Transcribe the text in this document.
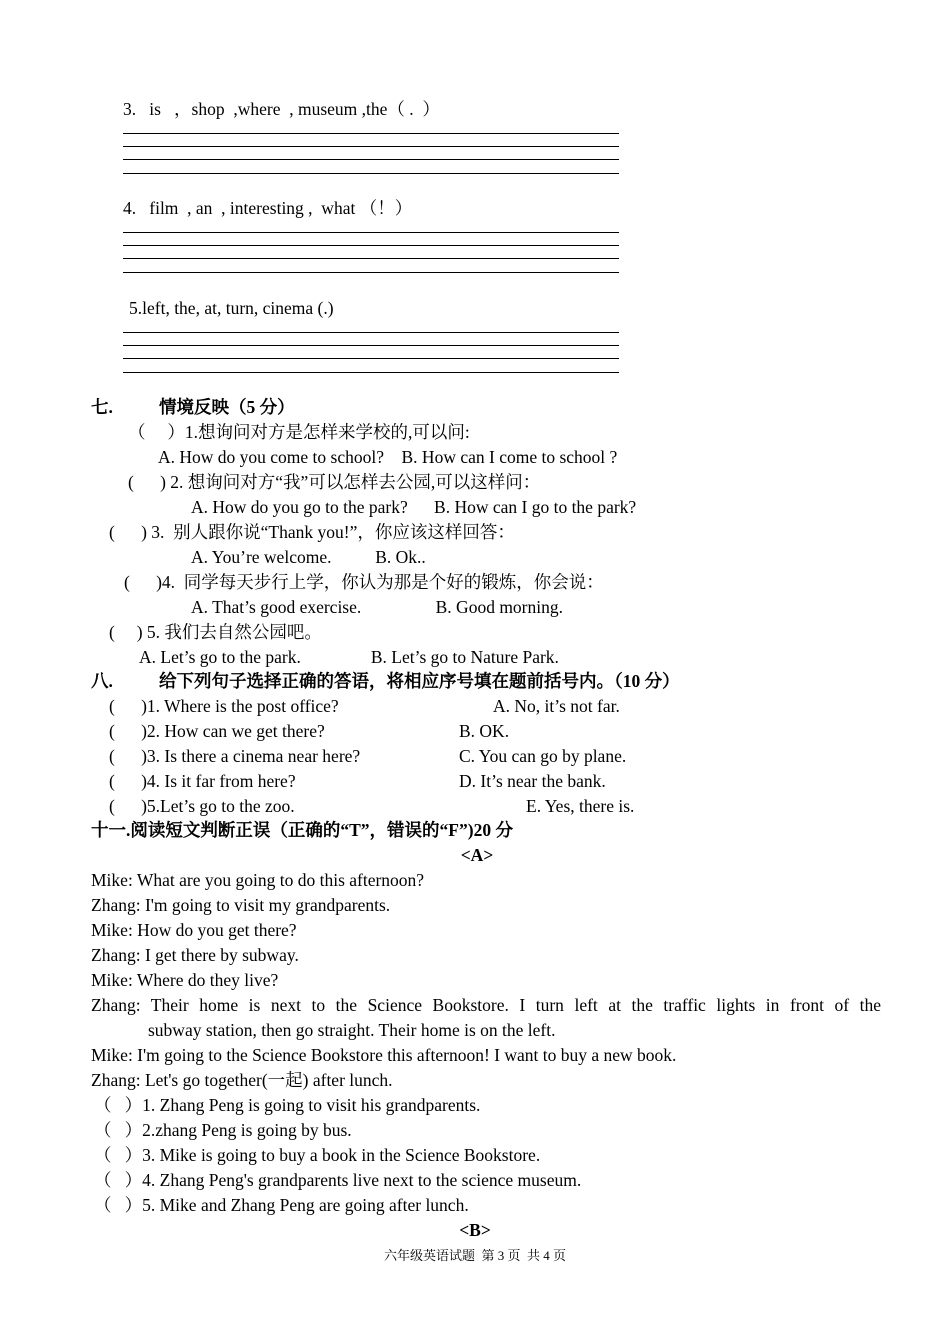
3.   is   ，shop  ,where  , museum ,the（ .  ）
4.   film  , an  , interesting ,  what （！）
5.left, the, at, turn, cinema (.)
七.	情境反映（5 分）
（     ）1.想询问对方是怎样来学校的,可以问:
A. How do you come to school?    B. How can I come to school ?
(      ) 2. 想询问对方“我”可以怎样去公园,可以这样问：
A. How do you go to the park?      B. How can I go to the park?
(      ) 3.  别人跟你说“Thank you!”，你应该这样回答：
A. You’re welcome.          B. Ok..
(      )4.  同学每天步行上学，你认为那是个好的锻炼，你会说：
A. That’s good exercise.                 B. Good morning.
(     ) 5. 我们去自然公园吧。
A. Let’s go to the park.                B. Let’s go to Nature Park.
八.	给下列句子选择正确的答语，将相应序号填在题前括号内。（10 分）
(      )1. Where is the post office?	A. No, it’s not far.
(      )2. How can we get there?	B. OK.
(      )3. Is there a cinema near here?	C. You can go by plane.
(      )4. Is it far from here?	D. It’s near the bank.
(      )5.Let’s go to the zoo.	E. Yes, there is.
十一.阅读短文判断正误（正确的“T”，错误的“F”)20 分
<A>
Mike: What are you going to do this afternoon?
Zhang: I'm going to visit my grandparents.
Mike: How do you get there?
Zhang: I get there by subway.
Mike: Where do they live?
Zhang: Their home is next to the Science Bookstore. I turn left at the traffic lights in front of the
subway station, then go straight. Their home is on the left.
Mike: I'm going to the Science Bookstore this afternoon! I want to buy a new book.
Zhang: Let's go together(一起) after lunch.
（   ）1. Zhang Peng is going to visit his grandparents.
（   ）2.zhang Peng is going by bus.
（   ）3. Mike is going to buy a book in the Science Bookstore.
（   ）4. Zhang Peng's grandparents live next to the science museum.
（   ）5. Mike and Zhang Peng are going after lunch.
<B>
六年级英语试题  第 3 页  共 4 页
